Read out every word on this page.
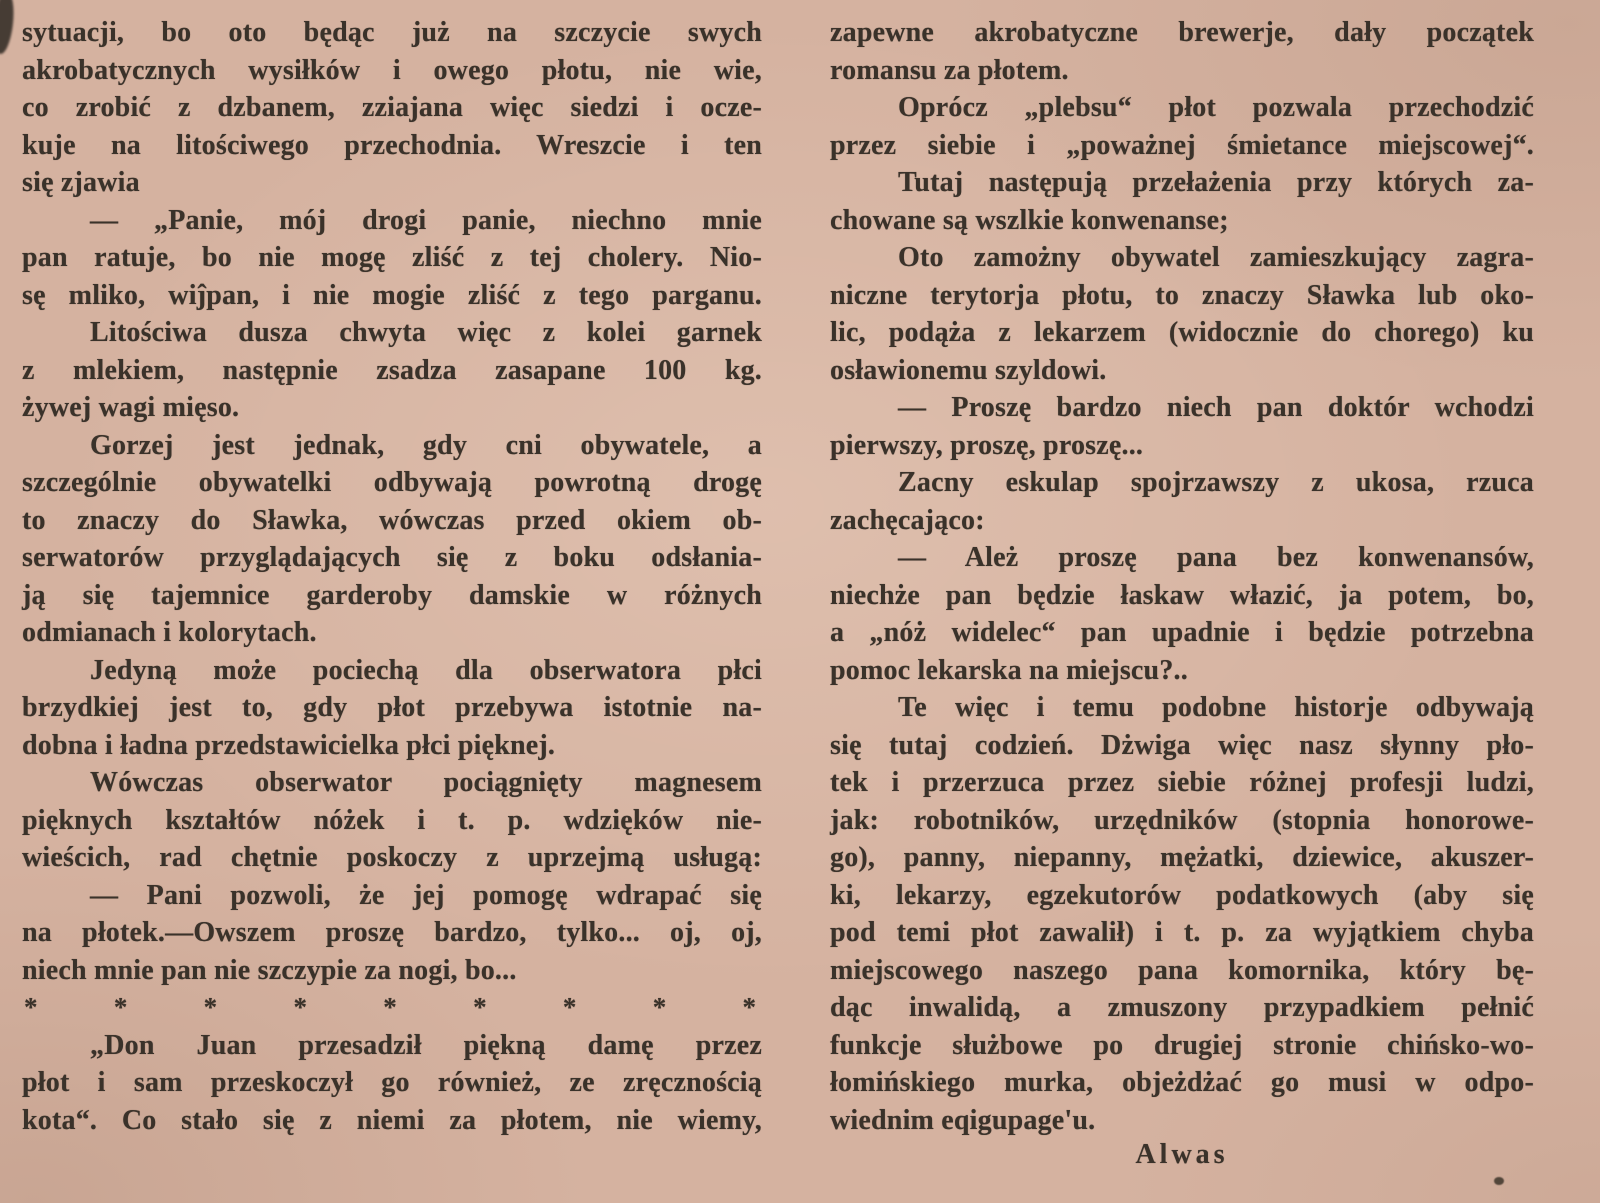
sytuacji, bo oto będąc już na szczycie swych
akrobatycznych wysiłków i owego płotu, nie wie,
co zrobić z dzbanem, zziajana więc siedzi i ocze-
kuje na litościwego przechodnia. Wreszcie i ten
się zjawia
— „Panie, mój drogi panie, niechno mnie
pan ratuje, bo nie mogę zliść z tej cholery. Nio-
sę mliko, wiĵpan, i nie mogie zliść z tego parganu.
Litościwa dusza chwyta więc z kolei garnek
z mlekiem, następnie zsadza zasapane 100 kg.
żywej wagi mięso.
Gorzej jest jednak, gdy cni obywatele, a
szczególnie obywatelki odbywają powrotną drogę
to znaczy do Sławka, wówczas przed okiem ob-
serwatorów przyglądających się z boku odsłania-
ją się tajemnice garderoby damskie w różnych
odmianach i kolorytach.
Jedyną może pociechą dla obserwatora płci
brzydkiej jest to, gdy płot przebywa istotnie na-
dobna i ładna przedstawicielka płci pięknej.
Wówczas obserwator pociągnięty magnesem
pięknych kształtów nóżek i t. p. wdzięków nie-
wieścich, rad chętnie poskoczy z uprzejmą usługą:
— Pani pozwoli, że jej pomogę wdrapać się
na płotek.—Owszem proszę bardzo, tylko... oj, oj,
niech mnie pan nie szczypie za nogi, bo...
*	*	*	*	*	*	*	*	*
„Don Juan przesadził piękną damę przez
płot i sam przeskoczył go również, ze zręcznością
kota“. Co stało się z niemi za płotem, nie wiemy,
zapewne akrobatyczne brewerje, dały początek
romansu za płotem.
Oprócz „plebsu“ płot pozwala przechodzić
przez siebie i „poważnej śmietance miejscowej“.
Tutaj następują przełażenia przy których za-
chowane są wszlkie konwenanse;
Oto zamożny obywatel zamieszkujący zagra-
niczne terytorja płotu, to znaczy Sławka lub oko-
lic, podąża z lekarzem (widocznie do chorego) ku
osławionemu szyldowi.
— Proszę bardzo niech pan doktór wchodzi
pierwszy, proszę, proszę...
Zacny eskulap spojrzawszy z ukosa, rzuca
zachęcająco:
— Ależ proszę pana bez konwenansów,
niechże pan będzie łaskaw włazić, ja potem, bo,
a „nóż widelec“ pan upadnie i będzie potrzebna
pomoc lekarska na miejscu?..
Te więc i temu podobne historje odbywają
się tutaj codzień. Dżwiga więc nasz słynny pło-
tek i przerzuca przez siebie różnej profesji ludzi,
jak: robotników, urzędników (stopnia honorowe-
go), panny, niepanny, mężatki, dziewice, akuszer-
ki, lekarzy, egzekutorów podatkowych (aby się
pod temi płot zawalił) i t. p. za wyjątkiem chyba
miejscowego naszego pana komornika, który bę-
dąc inwalidą, a zmuszony przypadkiem pełnić
funkcje służbowe po drugiej stronie chińsko-wo-
łomińskiego murka, objeżdżać go musi w odpo-
wiednim eqigupage'u.
Alwas
